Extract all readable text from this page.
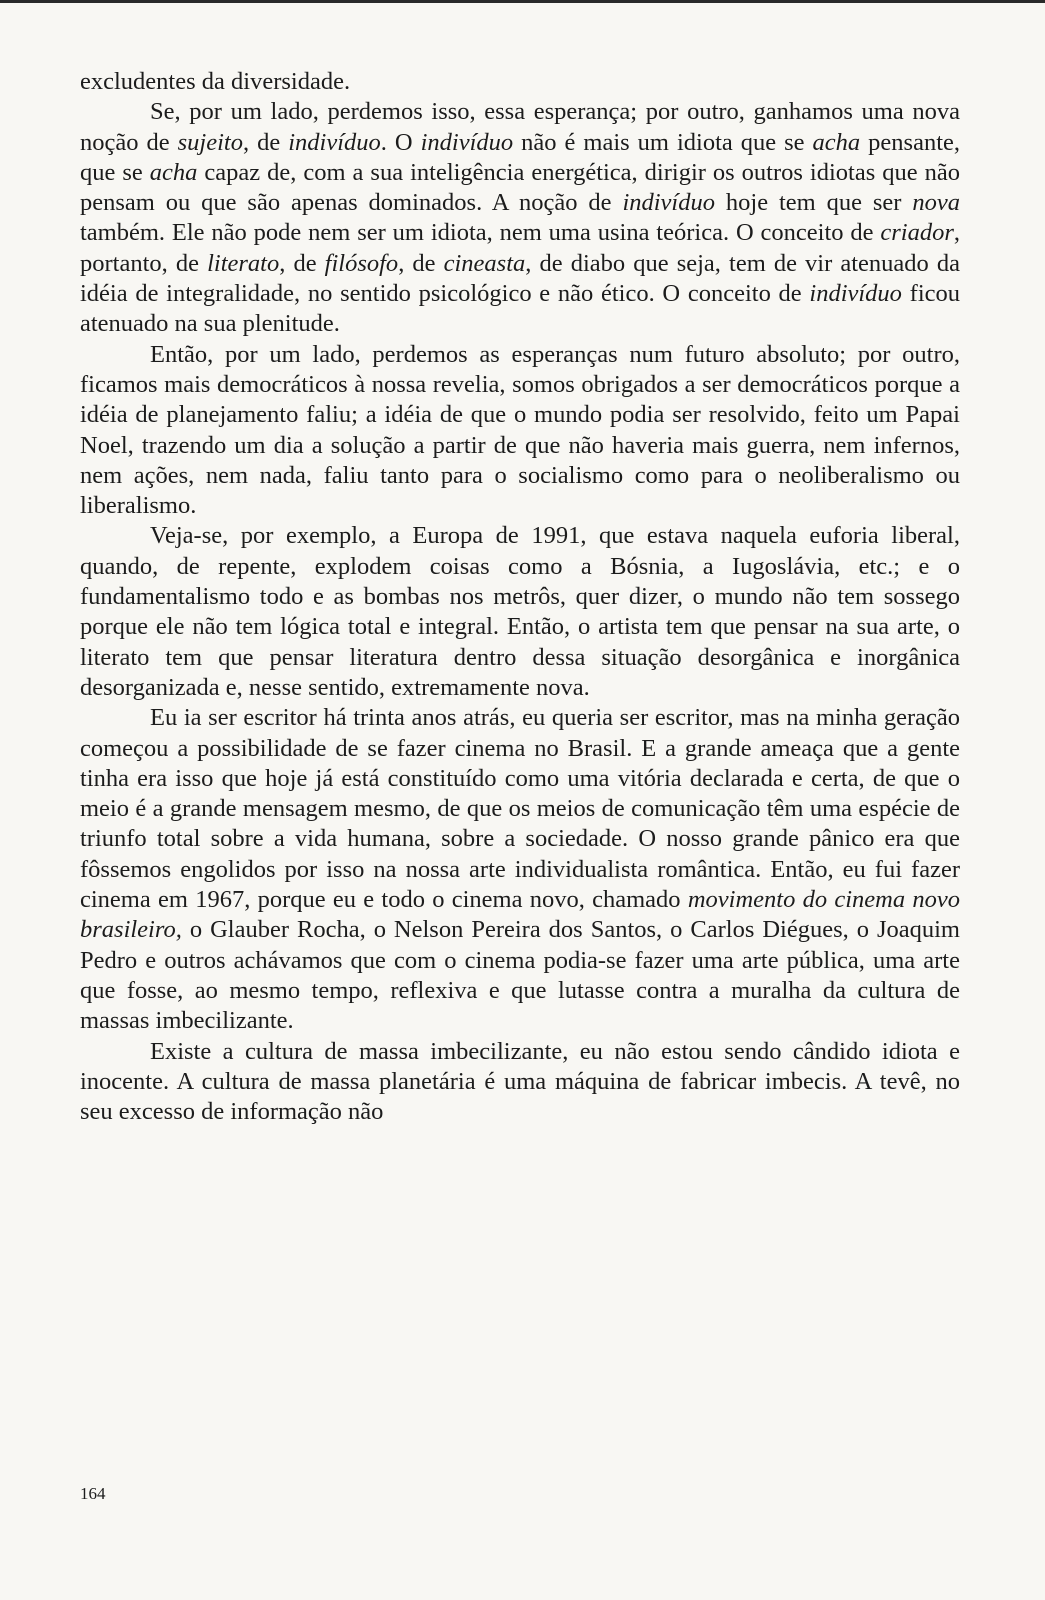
excludentes da diversidade.

Se, por um lado, perdemos isso, essa esperança; por outro, ganhamos uma nova noção de sujeito, de indivíduo. O indivíduo não é mais um idiota que se acha pensante, que se acha capaz de, com a sua inteligência energética, dirigir os outros idiotas que não pensam ou que são apenas dominados. A noção de indivíduo hoje tem que ser nova também. Ele não pode nem ser um idiota, nem uma usina teórica. O conceito de criador, portanto, de literato, de filósofo, de cineasta, de diabo que seja, tem de vir atenuado da idéia de integralidade, no sentido psicológico e não ético. O conceito de indivíduo ficou atenuado na sua plenitude.

Então, por um lado, perdemos as esperanças num futuro absoluto; por outro, ficamos mais democráticos à nossa revelia, somos obrigados a ser democráticos porque a idéia de planejamento faliu; a idéia de que o mundo podia ser resolvido, feito um Papai Noel, trazendo um dia a solução a partir de que não haveria mais guerra, nem infernos, nem ações, nem nada, faliu tanto para o socialismo como para o neoliberalismo ou liberalismo.

Veja-se, por exemplo, a Europa de 1991, que estava naquela euforia liberal, quando, de repente, explodem coisas como a Bósnia, a Iugoslávia, etc.; e o fundamentalismo todo e as bombas nos metrôs, quer dizer, o mundo não tem sossego porque ele não tem lógica total e integral. Então, o artista tem que pensar na sua arte, o literato tem que pensar literatura dentro dessa situação desorgânica e inorgânica desorganizada e, nesse sentido, extremamente nova.

Eu ia ser escritor há trinta anos atrás, eu queria ser escritor, mas na minha geração começou a possibilidade de se fazer cinema no Brasil. E a grande ameaça que a gente tinha era isso que hoje já está constituído como uma vitória declarada e certa, de que o meio é a grande mensagem mesmo, de que os meios de comunicação têm uma espécie de triunfo total sobre a vida humana, sobre a sociedade. O nosso grande pânico era que fôssemos engolidos por isso na nossa arte individualista romântica. Então, eu fui fazer cinema em 1967, porque eu e todo o cinema novo, chamado movimento do cinema novo brasileiro, o Glauber Rocha, o Nelson Pereira dos Santos, o Carlos Diégues, o Joaquim Pedro e outros achávamos que com o cinema podia-se fazer uma arte pública, uma arte que fosse, ao mesmo tempo, reflexiva e que lutasse contra a muralha da cultura de massas imbecilizante.

Existe a cultura de massa imbecilizante, eu não estou sendo cândido idiota e inocente. A cultura de massa planetária é uma máquina de fabricar imbecis. A tevê, no seu excesso de informação não

164
